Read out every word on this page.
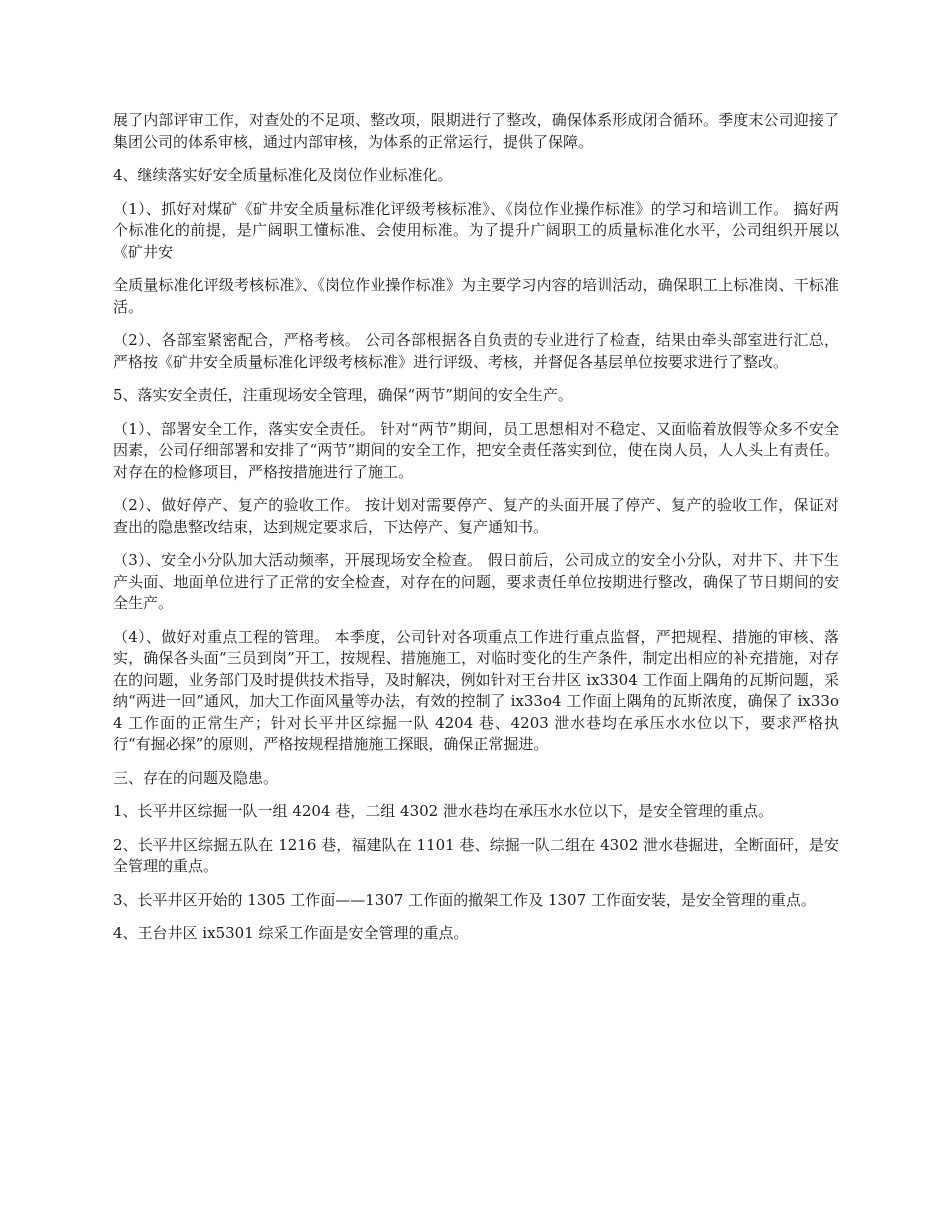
展了内部评审工作，对查处的不足项、整改项，限期进行了整改，确保体系形成闭合循环。季度末公司迎接了集团公司的体系审核，通过内部审核，为体系的正常运行，提供了保障。

4、继续落实好安全质量标准化及岗位作业标准化。

（1）、抓好对煤矿《矿井安全质量标准化评级考核标准》、《岗位作业操作标准》的学习和培训工作。 搞好两个标准化的前提，是广阔职工懂标准、会使用标准。为了提升广阔职工的质量标准化水平，公司组织开展以《矿井安

全质量标准化评级考核标准》、《岗位作业操作标准》为主要学习内容的培训活动，确保职工上标准岗、干标准活。

（2）、各部室紧密配合，严格考核。 公司各部根据各自负责的专业进行了检查，结果由牵头部室进行汇总，严格按《矿井安全质量标准化评级考核标准》进行评级、考核，并督促各基层单位按要求进行了整改。

5、落实安全责任，注重现场安全管理，确保“两节”期间的安全生产。

（1）、部署安全工作，落实安全责任。 针对“两节”期间，员工思想相对不稳定、又面临着放假等众多不安全因素，公司仔细部署和安排了“两节”期间的安全工作，把安全责任落实到位，使在岗人员，人人头上有责任。对存在的检修项目，严格按措施进行了施工。

（2）、做好停产、复产的验收工作。 按计划对需要停产、复产的头面开展了停产、复产的验收工作，保证对查出的隐患整改结束，达到规定要求后，下达停产、复产通知书。

（3）、安全小分队加大活动频率，开展现场安全检查。 假日前后，公司成立的安全小分队，对井下、井下生产头面、地面单位进行了正常的安全检查，对存在的问题，要求责任单位按期进行整改，确保了节日期间的安全生产。

（4）、做好对重点工程的管理。 本季度，公司针对各项重点工作进行重点监督，严把规程、措施的审核、落实，确保各头面“三员到岗”开工，按规程、措施施工，对临时变化的生产条件，制定出相应的补充措施，对存在的问题，业务部门及时提供技术指导，及时解决，例如针对王台井区 ix3304 工作面上隅角的瓦斯问题，采纳“两进一回”通风，加大工作面风量等办法，有效的控制了 ix33o4 工作面上隅角的瓦斯浓度，确保了 ix33o4 工作面的正常生产；针对长平井区综掘一队 4204 巷、4203 泄水巷均在承压水水位以下，要求严格执行“有掘必探”的原则，严格按规程措施施工探眼，确保正常掘进。

三、存在的问题及隐患。

1、长平井区综掘一队一组 4204 巷，二组 4302 泄水巷均在承压水水位以下，是安全管理的重点。

2、长平井区综掘五队在 1216 巷，福建队在 1101 巷、综掘一队二组在 4302 泄水巷掘进，全断面矸，是安全管理的重点。

3、长平井区开始的 1305 工作面——1307 工作面的撤架工作及 1307 工作面安装，是安全管理的重点。

4、王台井区 ix5301 综采工作面是安全管理的重点。
